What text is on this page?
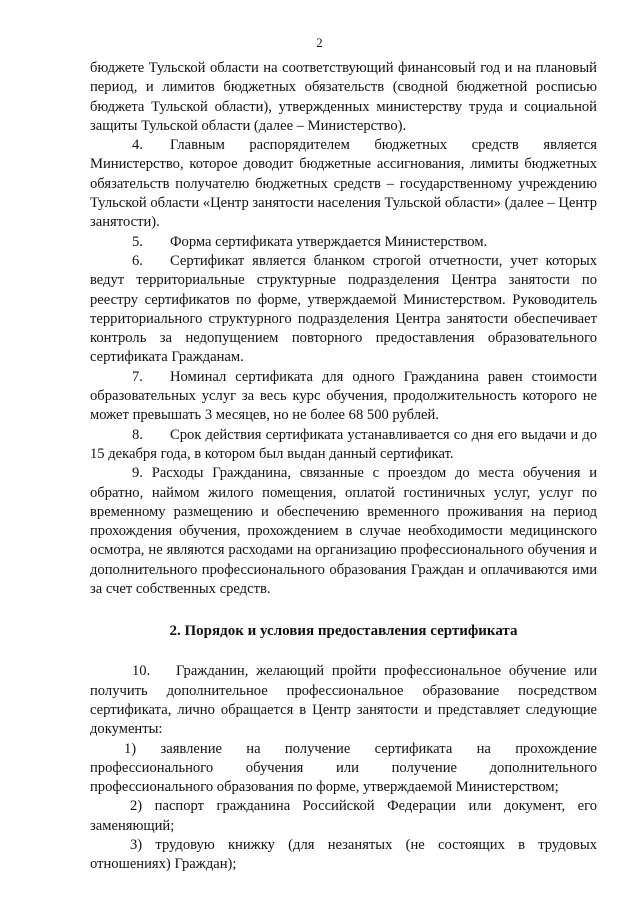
2

бюджете Тульской области на соответствующий финансовый год и на плановый период, и лимитов бюджетных обязательств (сводной бюджетной росписью бюджета Тульской области), утвержденных министерству труда и социальной защиты Тульской области (далее – Министерство).

4. Главным распорядителем бюджетных средств является Министерство, которое доводит бюджетные ассигнования, лимиты бюджетных обязательств получателю бюджетных средств – государственному учреждению Тульской области «Центр занятости населения Тульской области» (далее – Центр занятости).

5. Форма сертификата утверждается Министерством.

6. Сертификат является бланком строгой отчетности, учет которых ведут территориальные структурные подразделения Центра занятости по реестру сертификатов по форме, утверждаемой Министерством. Руководитель территориального структурного подразделения Центра занятости обеспечивает контроль за недопущением повторного предоставления образовательного сертификата Гражданам.

7. Номинал сертификата для одного Гражданина равен стоимости образовательных услуг за весь курс обучения, продолжительность которого не может превышать 3 месяцев, но не более 68 500 рублей.

8. Срок действия сертификата устанавливается со дня его выдачи и до 15 декабря года, в котором был выдан данный сертификат.

9. Расходы Гражданина, связанные с проездом до места обучения и обратно, наймом жилого помещения, оплатой гостиничных услуг, услуг по временному размещению и обеспечению временного проживания на период прохождения обучения, прохождением в случае необходимости медицинского осмотра, не являются расходами на организацию профессионального обучения и дополнительного профессионального образования Граждан и оплачиваются ими за счет собственных средств.

2. Порядок и условия предоставления сертификата

10. Гражданин, желающий пройти профессиональное обучение или получить дополнительное профессиональное образование посредством сертификата, лично обращается в Центр занятости и представляет следующие документы:

1) заявление на получение сертификата на прохождение профессионального обучения или получение дополнительного профессионального образования по форме, утверждаемой Министерством;

2) паспорт гражданина Российской Федерации или документ, его заменяющий;

3) трудовую книжку (для незанятых (не состоящих в трудовых отношениях) Граждан);
